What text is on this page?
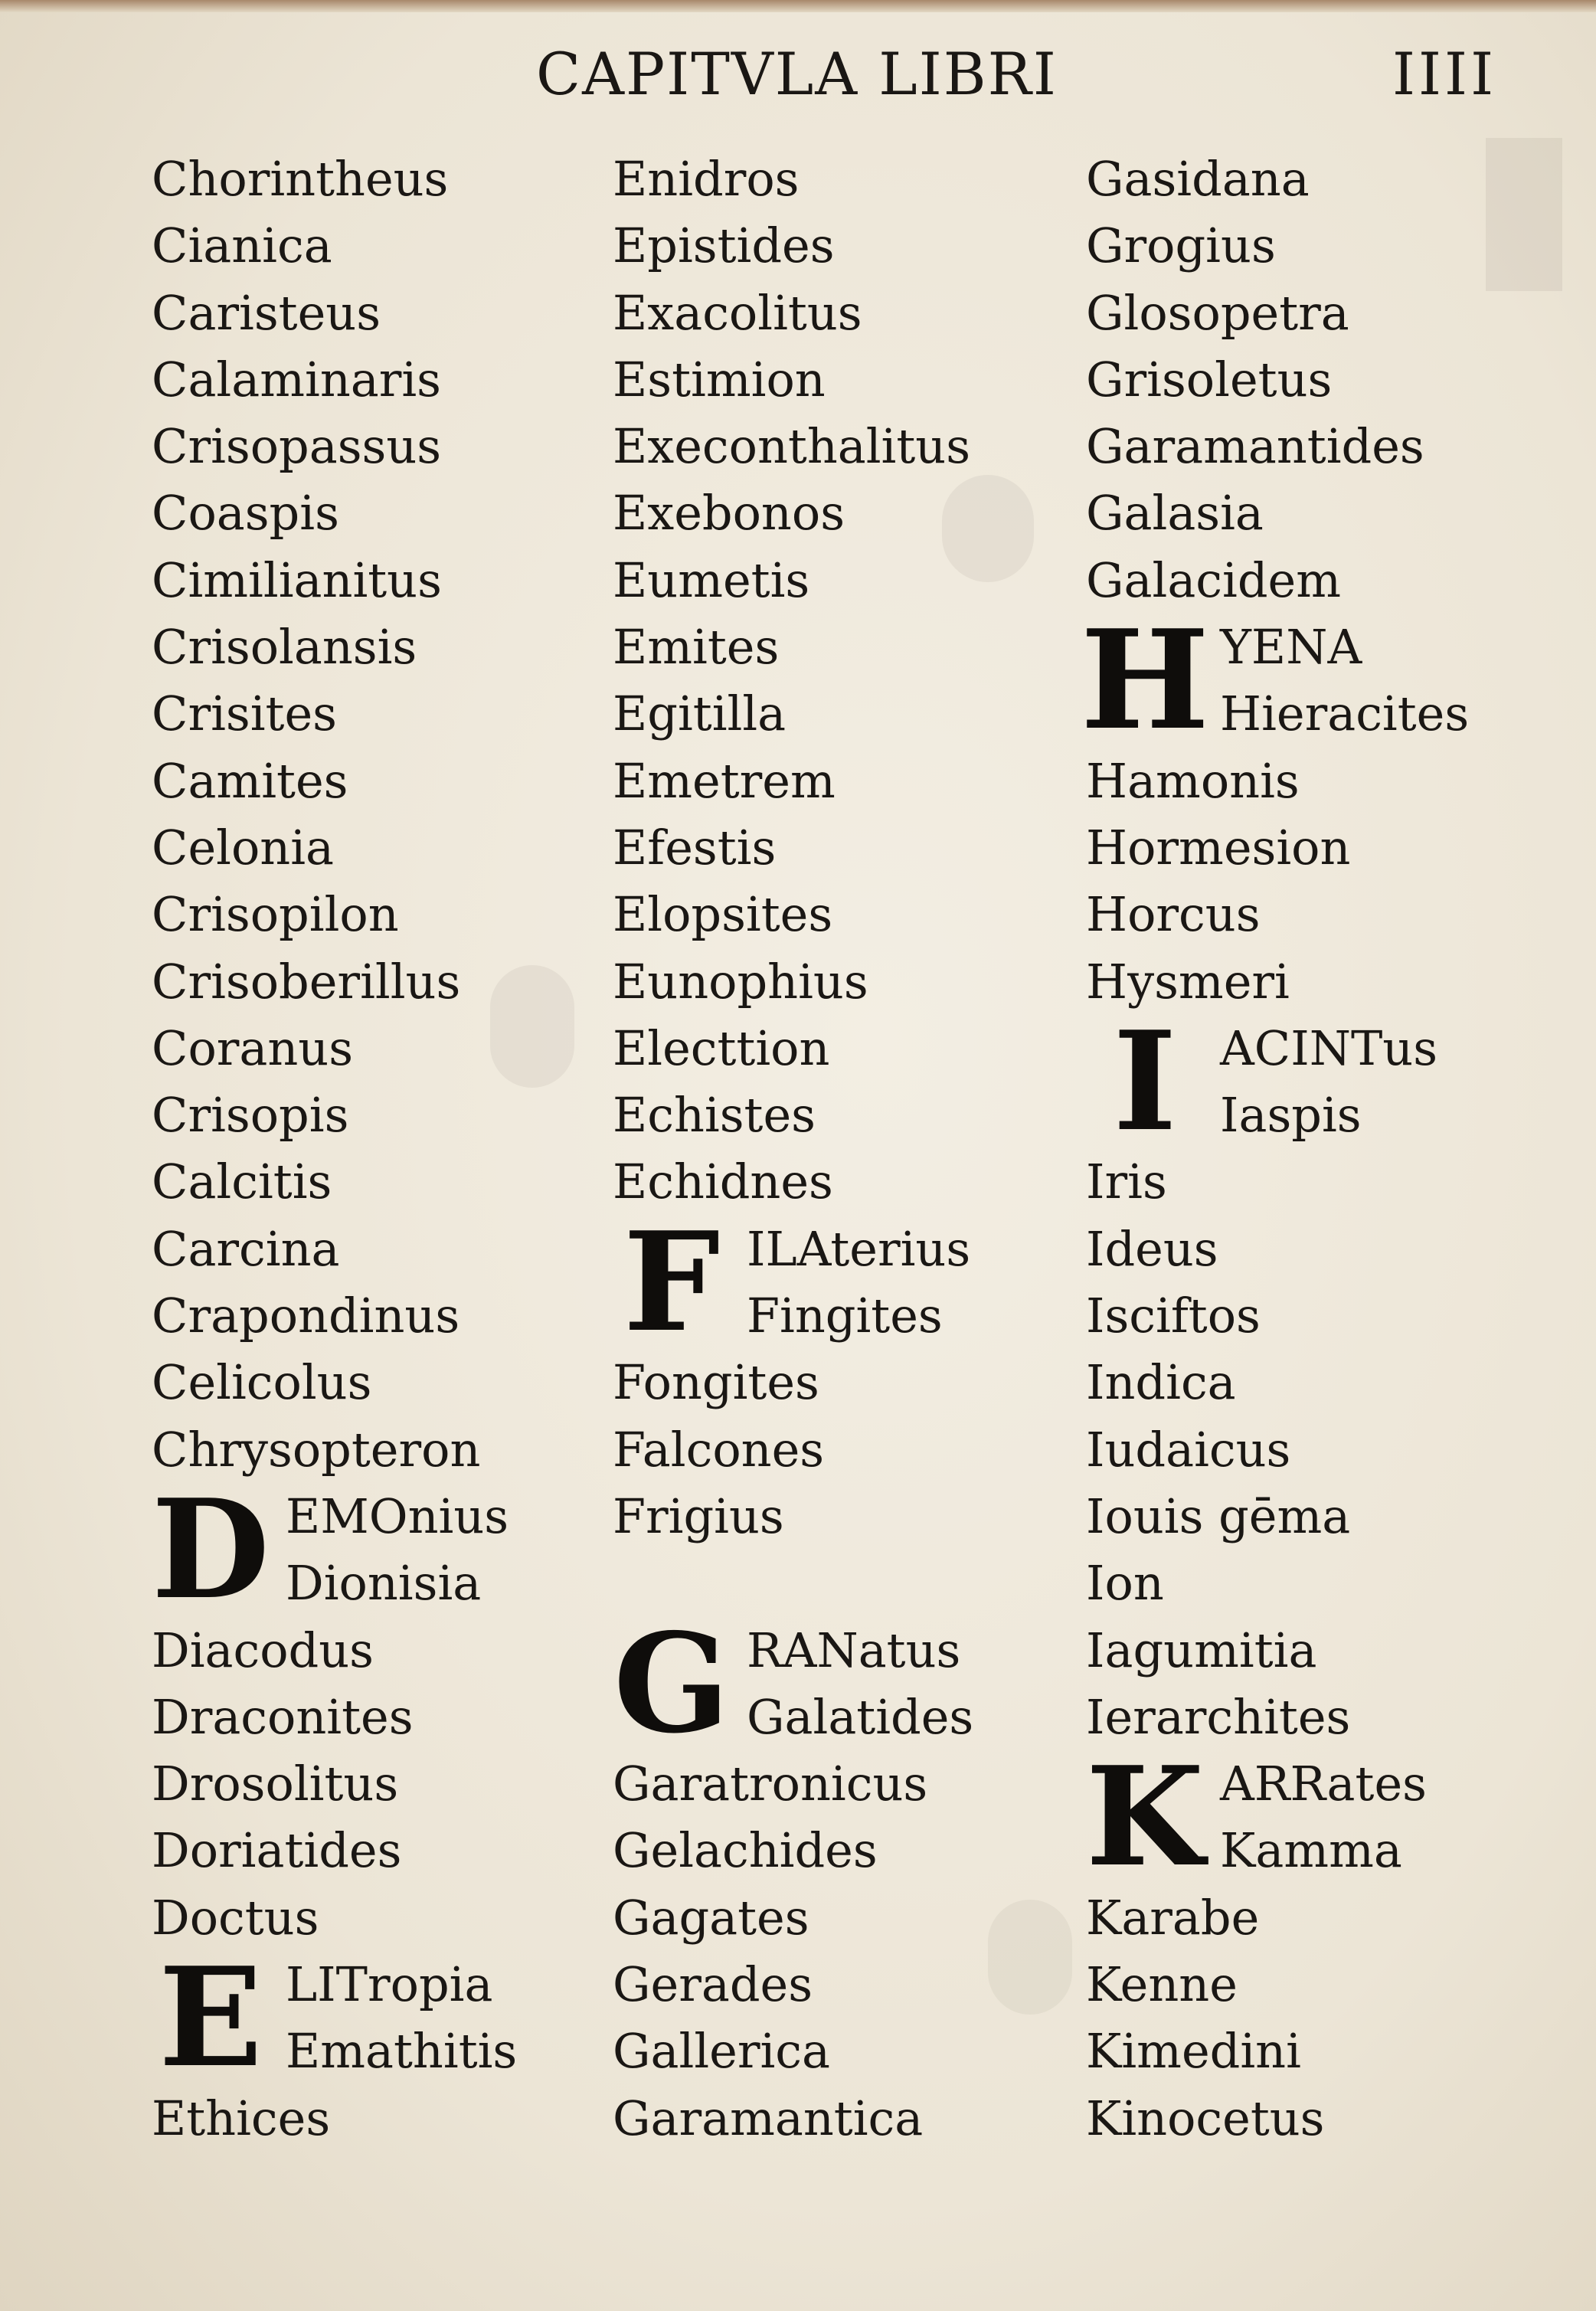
CAPITVLA LIBRI	IIII
Chorintheus
Cianica
Caristeus
Calaminaris
Crisopassus
Coaspis
Cimilianitus
Crisolansis
Crisites
Camites
Celonia
Crisopilon
Crisoberillus
Coranus
Crisopis
Calcitis
Carcina
Crapondinus
Celicolus
Chrysopteron
D EMOnius
Dionisia
Diacodus
Draconites
Drosolitus
Doriatides
Doctus
E LITropia
Emathitis
Ethices
Enidros
Epistides
Exacolitus
Estimion
Execonthalitus
Exebonos
Eumetis
Emites
Egitilla
Emetrem
Efestis
Elopsites
Eunophius
Electtion
Echistes
Echidnes
F ILAterius
Fingites
Fongites
Falcones
Frigius
G RANatus
Galatides
Garatronicus
Gelachides
Gagates
Gerades
Gallerica
Garamantica
Gasidana
Grogius
Glosopetra
Grisoletus
Garamantides
Galasia
Galacidem
H YENA
Hieracites
Hamonis
Hormesion
Horcus
Hysmeri
I ACINTus
Iaspis
Iris
Ideus
Isciftos
Indica
Iudaicus
Iouis gēma
Ion
Iagumitia
Ierarchites
K ARRates
Kamma
Karabe
Kenne
Kimedini
Kinocetus
